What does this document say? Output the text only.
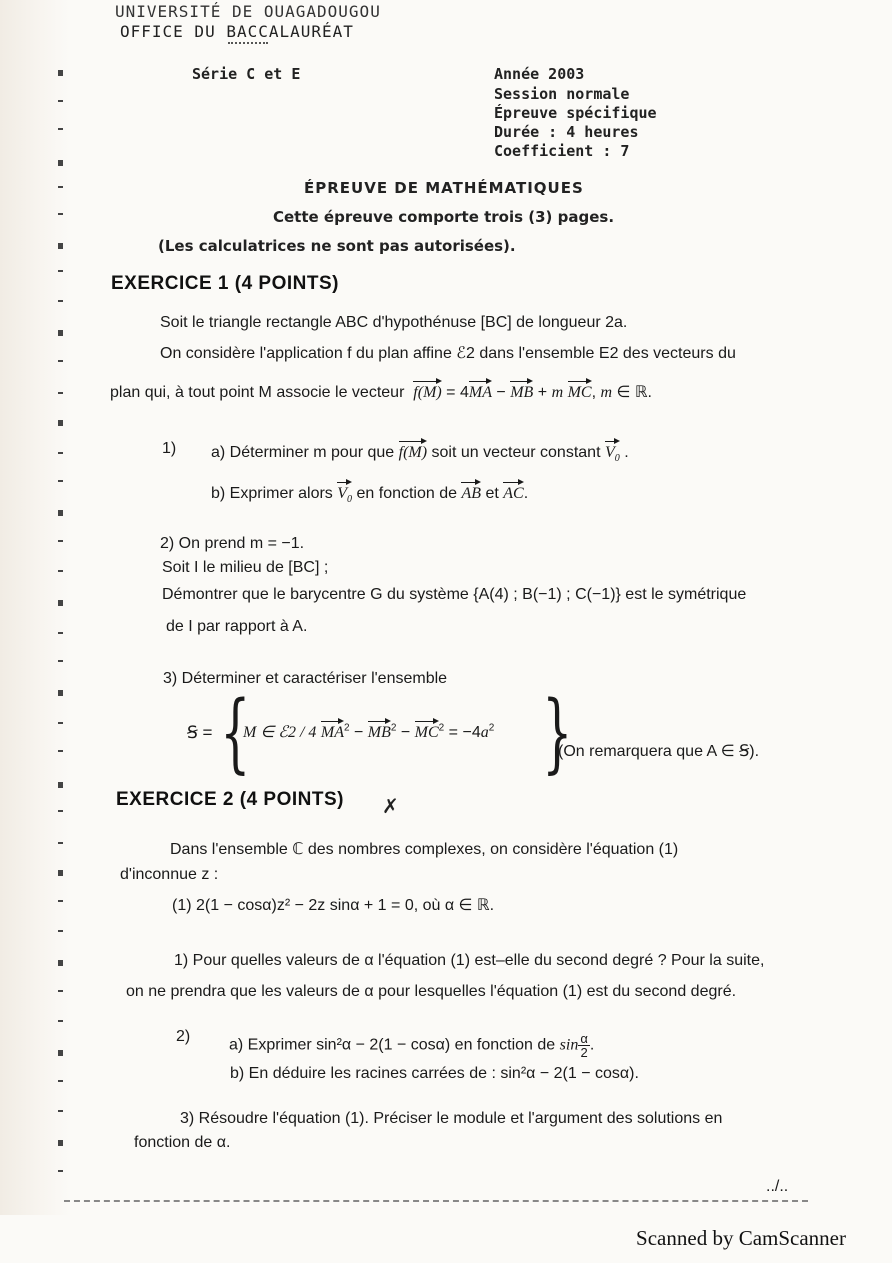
UNIVERSITÉ DE OUAGADOUGOU
OFFICE DU BACCALAURÉAT
Série C et E	Année 2003
Session normale
Épreuve spécifique
Durée : 4 heures
Coefficient : 7
ÉPREUVE DE MATHÉMATIQUES
Cette épreuve comporte trois (3) pages.
(Les calculatrices ne sont pas autorisées).
EXERCICE 1 (4 POINTS)
Soit le triangle rectangle ABC d'hypothénuse [BC] de longueur 2a.
On considère l'application f du plan affine ℰ2 dans l'ensemble E2 des vecteurs du
plan qui, à tout point M associe le vecteur f(M) = 4MA − MB + m MC, m ∈ ℝ.
1) a) Déterminer m pour que f(M) soit un vecteur constant $V_0$ .
b) Exprimer alors $V_0$ en fonction de AB et AC.
2) On prend m = −1.
Soit I le milieu de [BC] ;
Démontrer que le barycentre G du système {A(4) ; B(−1) ; C(−1)} est le symétrique
de I par rapport à A.
3) Déterminer et caractériser l'ensemble
Ꞩ = {
M ∈ ℰ2 / 4 $MA^2 - MB^2 - MC^2 = -4a^2$ }
(On remarquera que A ∈ Ꞩ).
EXERCICE 2 (4 POINTS) ✗
Dans l'ensemble ℂ des nombres complexes, on considère l'équation (1)
d'inconnue z :
(1) 2(1 − cosα)z² − 2z sinα + 1 = 0, où α ∈ ℝ.
1) Pour quelles valeurs de α l'équation (1) est–elle du second degré ? Pour la suite,
on ne prendra que les valeurs de α pour lesquelles l'équation (1) est du second degré.
2)
a) Exprimer sin²α − 2(1 − cosα) en fonction de $\sin \frac{\alpha}{2}$ .
b) En déduire les racines carrées de : sin²α − 2(1 − cosα).
3) Résoudre l'équation (1). Préciser le module et l'argument des solutions en
fonction de α.
../..
Scanned by CamScanner
